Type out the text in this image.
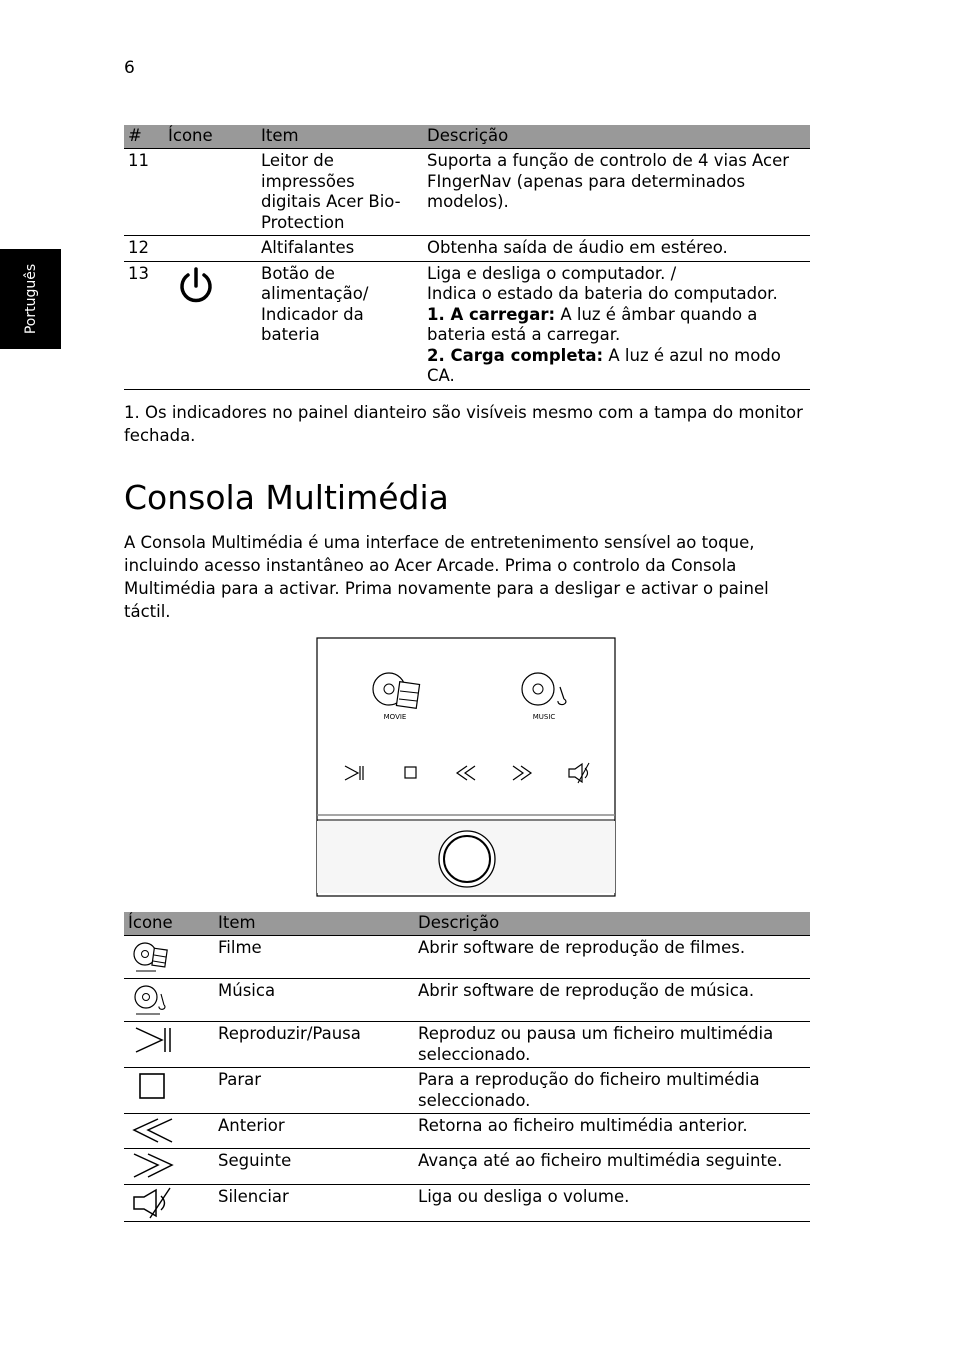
6
Português
#	Ícone	Item	Descrição
11		Leitor de impressões digitais Acer Bio-Protection	Suporta a função de controlo de 4 vias Acer FIngerNav (apenas para determinados modelos).
12		Altifalantes	Obtenha saída de áudio em estéreo.
13		Botão de alimentação/ Indicador da bateria	Liga e desliga o computador. /

Indica o estado da bateria do computador.

1. A carregar: A luz é âmbar quando a bateria está a carregar.

2. Carga completa: A luz é azul no modo CA.

1. Os indicadores no painel dianteiro são visíveis mesmo com a tampa do monitor fechada.

Consola Multimédia

A Consola Multimédia é uma interface de entretenimento sensível ao toque, incluindo acesso instantâneo ao Acer Arcade. Prima o controlo da Consola Multimédia para a activar. Prima novamente para a desligar e activar o painel táctil.

MOVIE	MUSIC
Ícone	Item	Descrição

	Filme	Abrir software de reprodução de filmes.

	Música	Abrir software de reprodução de música.

	Reproduzir/Pausa	Reproduz ou pausa um ficheiro multimédia seleccionado.

	Parar	Para a reprodução do ficheiro multimédia seleccionado.

	Anterior	Retorna ao ficheiro multimédia anterior.

	Seguinte	Avança até ao ficheiro multimédia seguinte.

	Silenciar	Liga ou desliga o volume.
